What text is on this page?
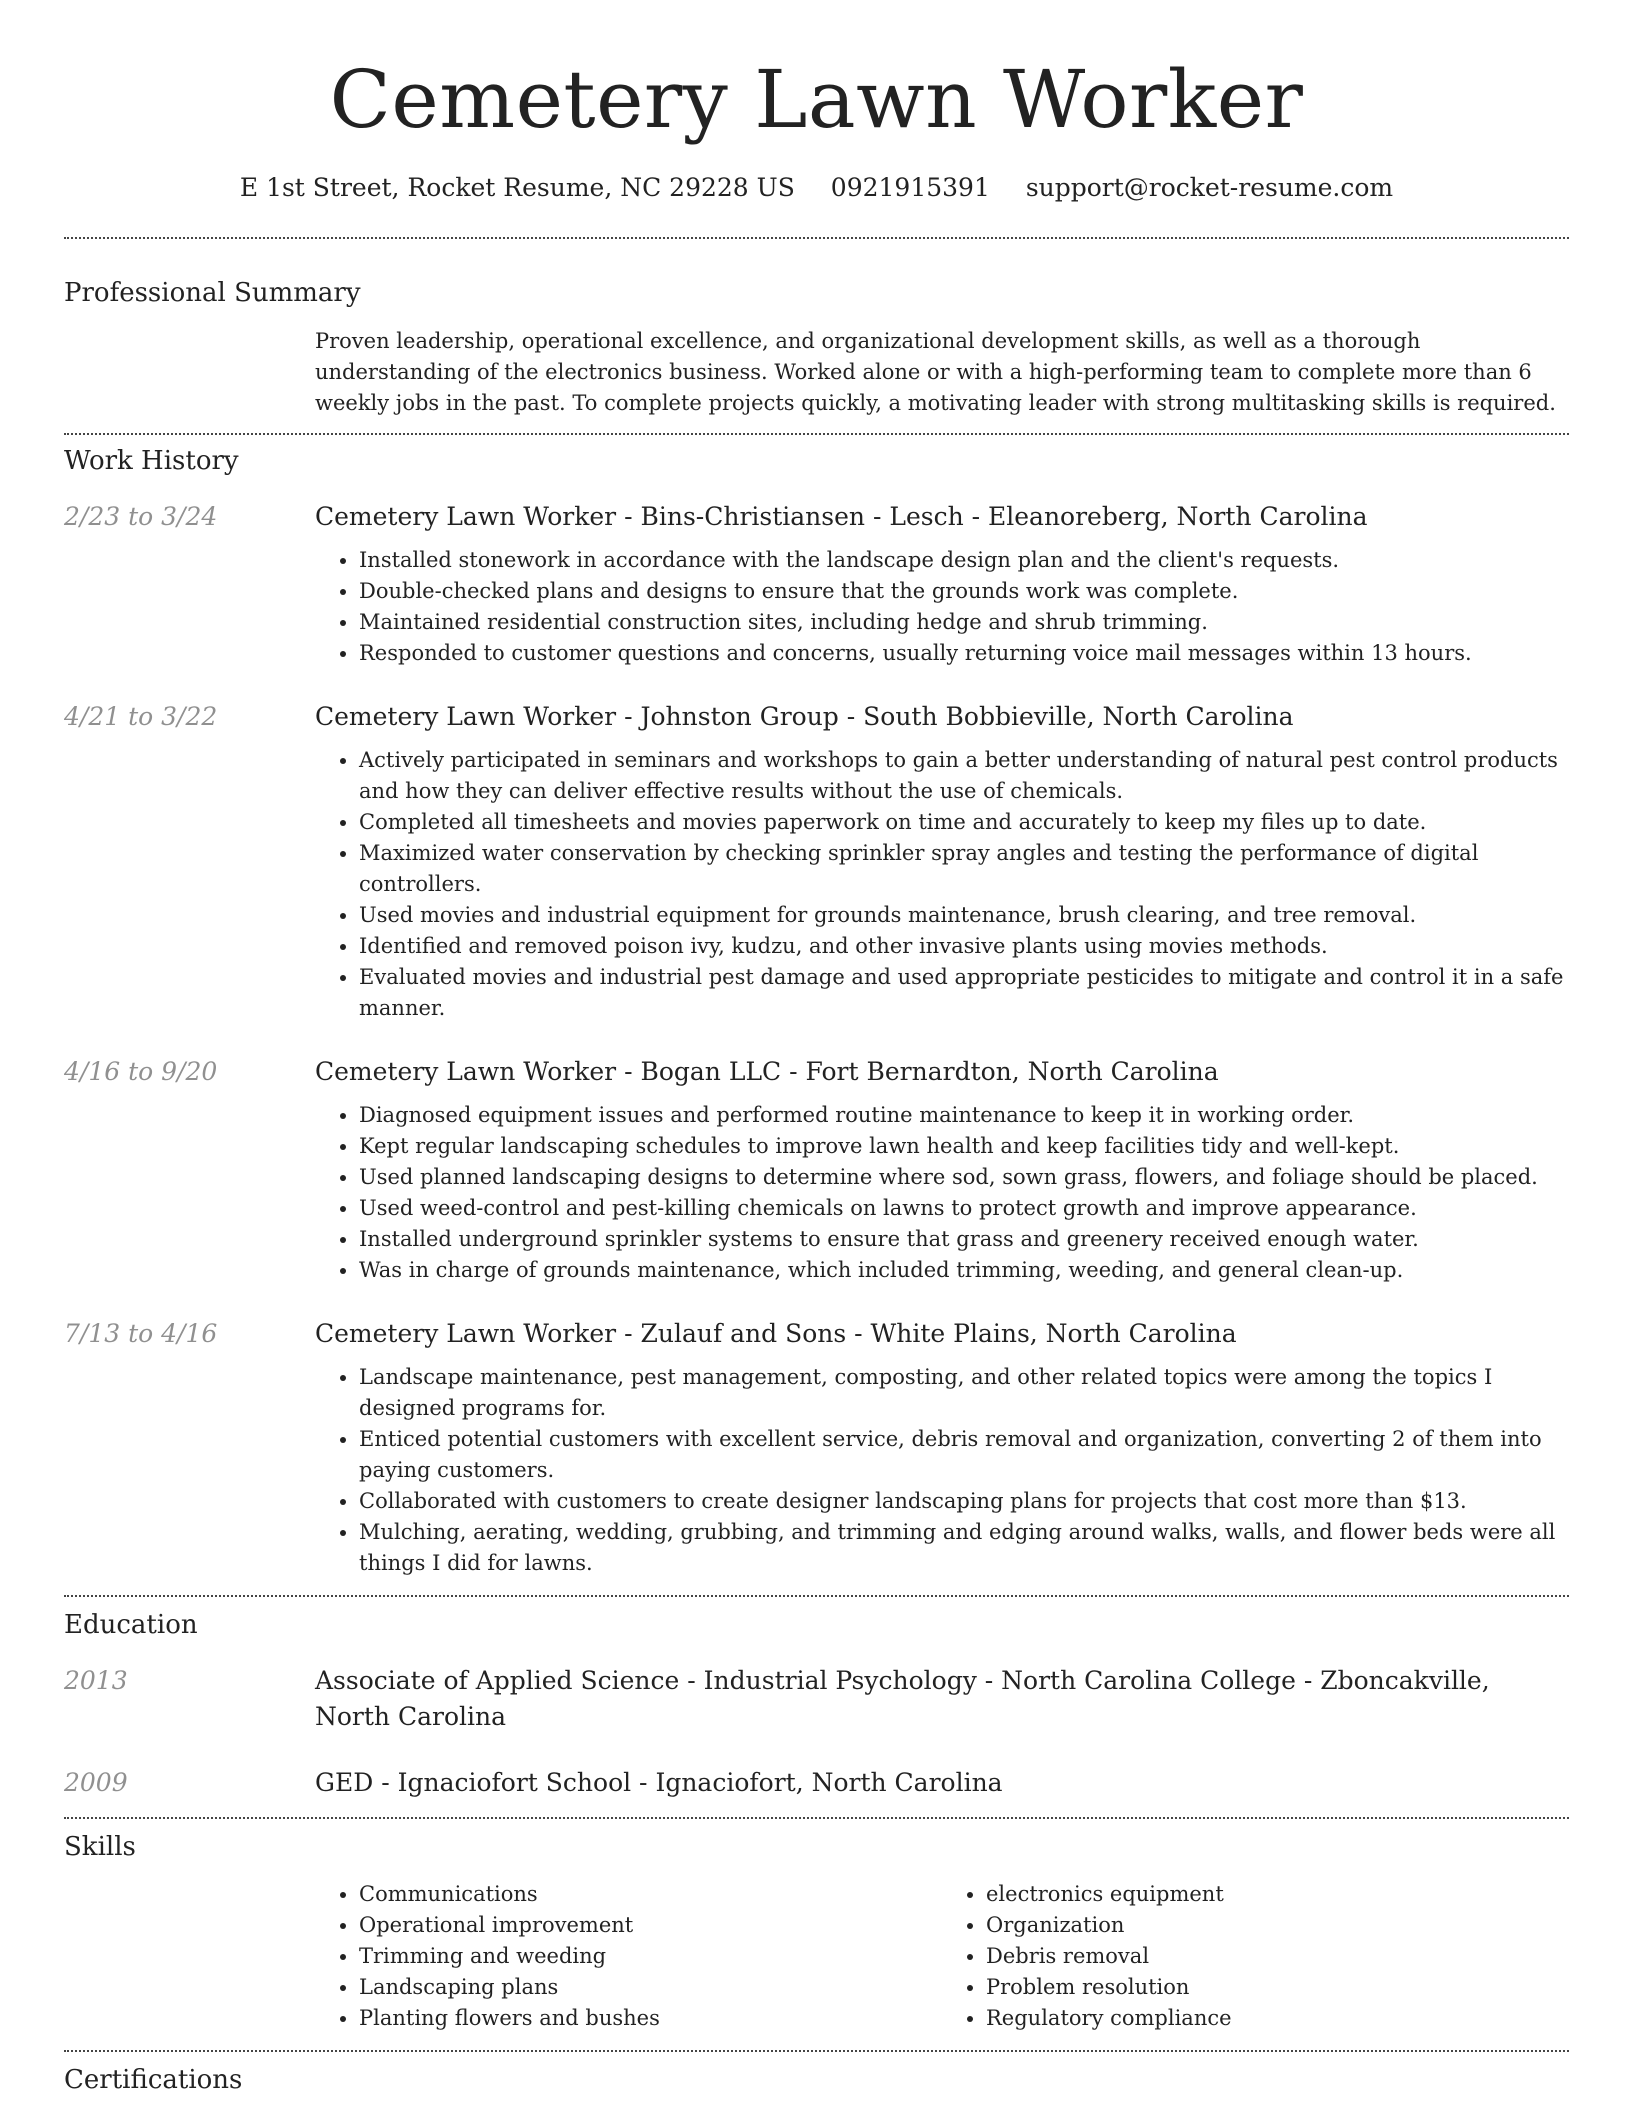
Cemetery Lawn Worker
E 1st Street, Rocket Resume, NC 29228 US 0921915391 support@rocket-resume.com
Professional Summary
Proven leadership, operational excellence, and organizational development skills, as well as a thorough understanding of the electronics business. Worked alone or with a high-performing team to complete more than 6 weekly jobs in the past. To complete projects quickly, a motivating leader with strong multitasking skills is required.
Work History
2/23 to 3/24	Cemetery Lawn Worker - Bins-Christiansen - Lesch - Eleanoreberg, North Carolina
• Installed stonework in accordance with the landscape design plan and the client's requests.
• Double-checked plans and designs to ensure that the grounds work was complete.
• Maintained residential construction sites, including hedge and shrub trimming.
• Responded to customer questions and concerns, usually returning voice mail messages within 13 hours.
4/21 to 3/22	Cemetery Lawn Worker - Johnston Group - South Bobbieville, North Carolina
• Actively participated in seminars and workshops to gain a better understanding of natural pest control products and how they can deliver effective results without the use of chemicals.
• Completed all timesheets and movies paperwork on time and accurately to keep my files up to date.
• Maximized water conservation by checking sprinkler spray angles and testing the performance of digital controllers.
• Used movies and industrial equipment for grounds maintenance, brush clearing, and tree removal.
• Identified and removed poison ivy, kudzu, and other invasive plants using movies methods.
• Evaluated movies and industrial pest damage and used appropriate pesticides to mitigate and control it in a safe manner.
4/16 to 9/20	Cemetery Lawn Worker - Bogan LLC - Fort Bernardton, North Carolina
• Diagnosed equipment issues and performed routine maintenance to keep it in working order.
• Kept regular landscaping schedules to improve lawn health and keep facilities tidy and well-kept.
• Used planned landscaping designs to determine where sod, sown grass, flowers, and foliage should be placed.
• Used weed-control and pest-killing chemicals on lawns to protect growth and improve appearance.
• Installed underground sprinkler systems to ensure that grass and greenery received enough water.
• Was in charge of grounds maintenance, which included trimming, weeding, and general clean-up.
7/13 to 4/16	Cemetery Lawn Worker - Zulauf and Sons - White Plains, North Carolina
• Landscape maintenance, pest management, composting, and other related topics were among the topics I designed programs for.
• Enticed potential customers with excellent service, debris removal and organization, converting 2 of them into paying customers.
• Collaborated with customers to create designer landscaping plans for projects that cost more than $13.
• Mulching, aerating, wedding, grubbing, and trimming and edging around walks, walls, and flower beds were all things I did for lawns.
Education
2013	Associate of Applied Science - Industrial Psychology - North Carolina College - Zboncakville, North Carolina
2009	GED - Ignaciofort School - Ignaciofort, North Carolina
Skills
• Communications
• Operational improvement
• Trimming and weeding
• Landscaping plans
• Planting flowers and bushes
• electronics equipment
• Organization
• Debris removal
• Problem resolution
• Regulatory compliance
Certifications
